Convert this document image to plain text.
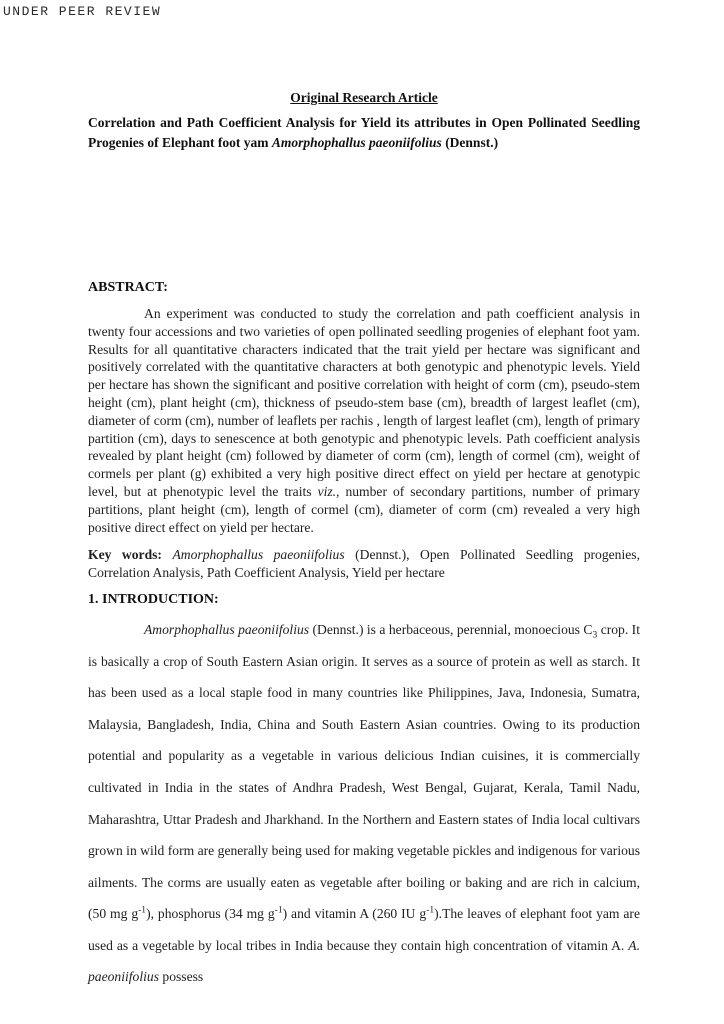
UNDER PEER REVIEW
Original Research Article
Correlation and Path Coefficient Analysis for Yield its attributes in Open Pollinated Seedling Progenies of Elephant foot yam Amorphophallus paeoniifolius (Dennst.)
ABSTRACT:
An experiment was conducted to study the correlation and path coefficient analysis in twenty four accessions and two varieties of open pollinated seedling progenies of elephant foot yam. Results for all quantitative characters indicated that the trait yield per hectare was significant and positively correlated with the quantitative characters at both genotypic and phenotypic levels. Yield per hectare has shown the significant and positive correlation with height of corm (cm), pseudo-stem height (cm), plant height (cm), thickness of pseudo-stem base (cm), breadth of largest leaflet (cm), diameter of corm (cm), number of leaflets per rachis , length of largest leaflet (cm), length of primary partition (cm), days to senescence at both genotypic and phenotypic levels. Path coefficient analysis revealed by plant height (cm) followed by diameter of corm (cm), length of cormel (cm), weight of cormels per plant (g) exhibited a very high positive direct effect on yield per hectare at genotypic level, but at phenotypic level the traits viz., number of secondary partitions, number of primary partitions, plant height (cm), length of cormel (cm), diameter of corm (cm) revealed a very high positive direct effect on yield per hectare.
Key words: Amorphophallus paeoniifolius (Dennst.), Open Pollinated Seedling progenies, Correlation Analysis, Path Coefficient Analysis, Yield per hectare
1. INTRODUCTION:
Amorphophallus paeoniifolius (Dennst.) is a herbaceous, perennial, monoecious $C_3$ crop. It is basically a crop of South Eastern Asian origin. It serves as a source of protein as well as starch. It has been used as a local staple food in many countries like Philippines, Java, Indonesia, Sumatra, Malaysia, Bangladesh, India, China and South Eastern Asian countries. Owing to its production potential and popularity as a vegetable in various delicious Indian cuisines, it is commercially cultivated in India in the states of Andhra Pradesh, West Bengal, Gujarat, Kerala, Tamil Nadu, Maharashtra, Uttar Pradesh and Jharkhand. In the Northern and Eastern states of India local cultivars grown in wild form are generally being used for making vegetable pickles and indigenous for various ailments. The corms are usually eaten as vegetable after boiling or baking and are rich in calcium, (50 mg $g^{-1}$), phosphorus (34 mg $g^{-1}$) and vitamin A (260 IU $g^{-1}).The$ leaves of elephant foot yam are used as a vegetable by local tribes in India because they contain high concentration of vitamin A. A. paeoniifolius possess
